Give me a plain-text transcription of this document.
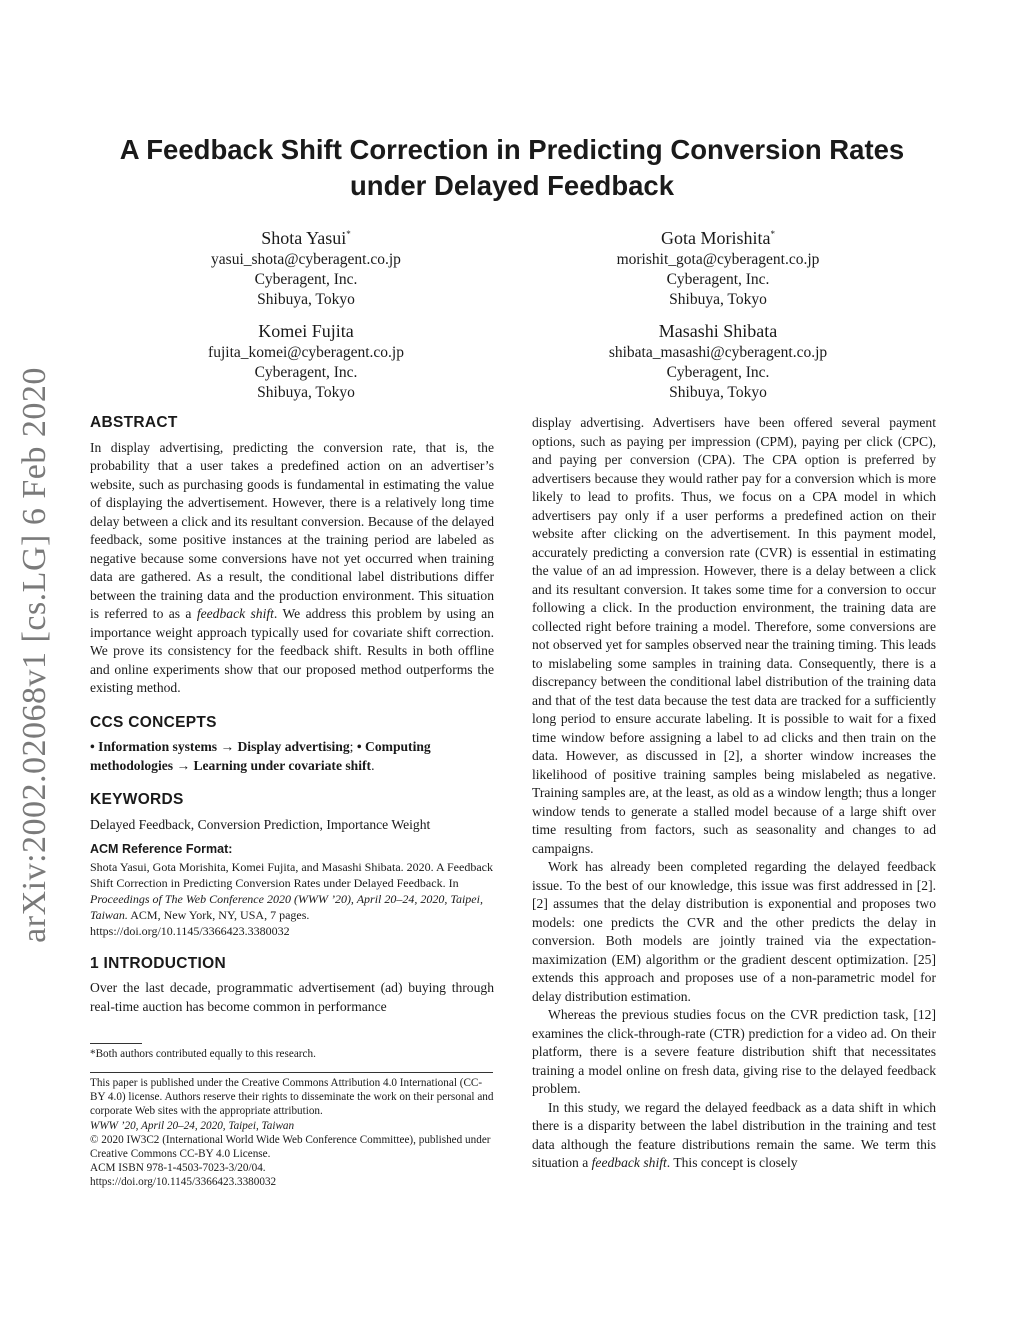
arXiv:2002.02068v1 [cs.LG] 6 Feb 2020
A Feedback Shift Correction in Predicting Conversion Rates
under Delayed Feedback
Shota Yasui*
yasui_shota@cyberagent.co.jp
Cyberagent, Inc.
Shibuya, Tokyo
Gota Morishita*
morishit_gota@cyberagent.co.jp
Cyberagent, Inc.
Shibuya, Tokyo
Komei Fujita
fujita_komei@cyberagent.co.jp
Cyberagent, Inc.
Shibuya, Tokyo
Masashi Shibata
shibata_masashi@cyberagent.co.jp
Cyberagent, Inc.
Shibuya, Tokyo
ABSTRACT

In display advertising, predicting the conversion rate, that is, the probability that a user takes a predefined action on an advertiser’s website, such as purchasing goods is fundamental in estimating the value of displaying the advertisement. However, there is a relatively long time delay between a click and its resultant conversion. Because of the delayed feedback, some positive instances at the training period are labeled as negative because some conversions have not yet occurred when training data are gathered. As a result, the conditional label distributions differ between the training data and the production environment. This situation is referred to as a feedback shift. We address this problem by using an importance weight approach typically used for covariate shift correction. We prove its consistency for the feedback shift. Results in both offline and online experiments show that our proposed method outperforms the existing method.

CCS CONCEPTS

• Information systems → Display advertising; • Computing methodologies → Learning under covariate shift.

KEYWORDS

Delayed Feedback, Conversion Prediction, Importance Weight

ACM Reference Format:

Shota Yasui, Gota Morishita, Komei Fujita, and Masashi Shibata. 2020. A Feedback Shift Correction in Predicting Conversion Rates under Delayed Feedback. In Proceedings of The Web Conference 2020 (WWW ’20), April 20–24, 2020, Taipei, Taiwan. ACM, New York, NY, USA, 7 pages. https://doi.org/10.1145/3366423.3380032

1 INTRODUCTION

Over the last decade, programmatic advertisement (ad) buying through real-time auction has become common in performance

*Both authors contributed equally to this research.

This paper is published under the Creative Commons Attribution 4.0 International (CC-BY 4.0) license. Authors reserve their rights to disseminate the work on their personal and corporate Web sites with the appropriate attribution.

WWW ’20, April 20–24, 2020, Taipei, Taiwan

© 2020 IW3C2 (International World Wide Web Conference Committee), published under Creative Commons CC-BY 4.0 License.

ACM ISBN 978-1-4503-7023-3/20/04.

https://doi.org/10.1145/3366423.3380032

display advertising. Advertisers have been offered several payment options, such as paying per impression (CPM), paying per click (CPC), and paying per conversion (CPA). The CPA option is preferred by advertisers because they would rather pay for a conversion which is more likely to lead to profits. Thus, we focus on a CPA model in which advertisers pay only if a user performs a predefined action on their website after clicking on the advertisement. In this payment model, accurately predicting a conversion rate (CVR) is essential in estimating the value of an ad impression. However, there is a delay between a click and its resultant conversion. It takes some time for a conversion to occur following a click. In the production environment, the training data are collected right before training a model. Therefore, some conversions are not observed yet for samples observed near the training timing. This leads to mislabeling some samples in training data. Consequently, there is a discrepancy between the conditional label distribution of the training data and that of the test data because the test data are tracked for a sufficiently long period to ensure accurate labeling. It is possible to wait for a fixed time window before assigning a label to ad clicks and then train on the data. However, as discussed in [2], a shorter window increases the likelihood of positive training samples being mislabeled as negative. Training samples are, at the least, as old as a window length; thus a longer window tends to generate a stalled model because of a large shift over time resulting from factors, such as seasonality and changes to ad campaigns.

Work has already been completed regarding the delayed feedback issue. To the best of our knowledge, this issue was first addressed in [2]. [2] assumes that the delay distribution is exponential and proposes two models: one predicts the CVR and the other predicts the delay in conversion. Both models are jointly trained via the expectation-maximization (EM) algorithm or the gradient descent optimization. [25] extends this approach and proposes use of a non-parametric model for delay distribution estimation.

Whereas the previous studies focus on the CVR prediction task, [12] examines the click-through-rate (CTR) prediction for a video ad. On their platform, there is a severe feature distribution shift that necessitates training a model online on fresh data, giving rise to the delayed feedback problem.

In this study, we regard the delayed feedback as a data shift in which there is a disparity between the label distribution in the training and test data although the feature distributions remain the same. We term this situation a feedback shift. This concept is closely
